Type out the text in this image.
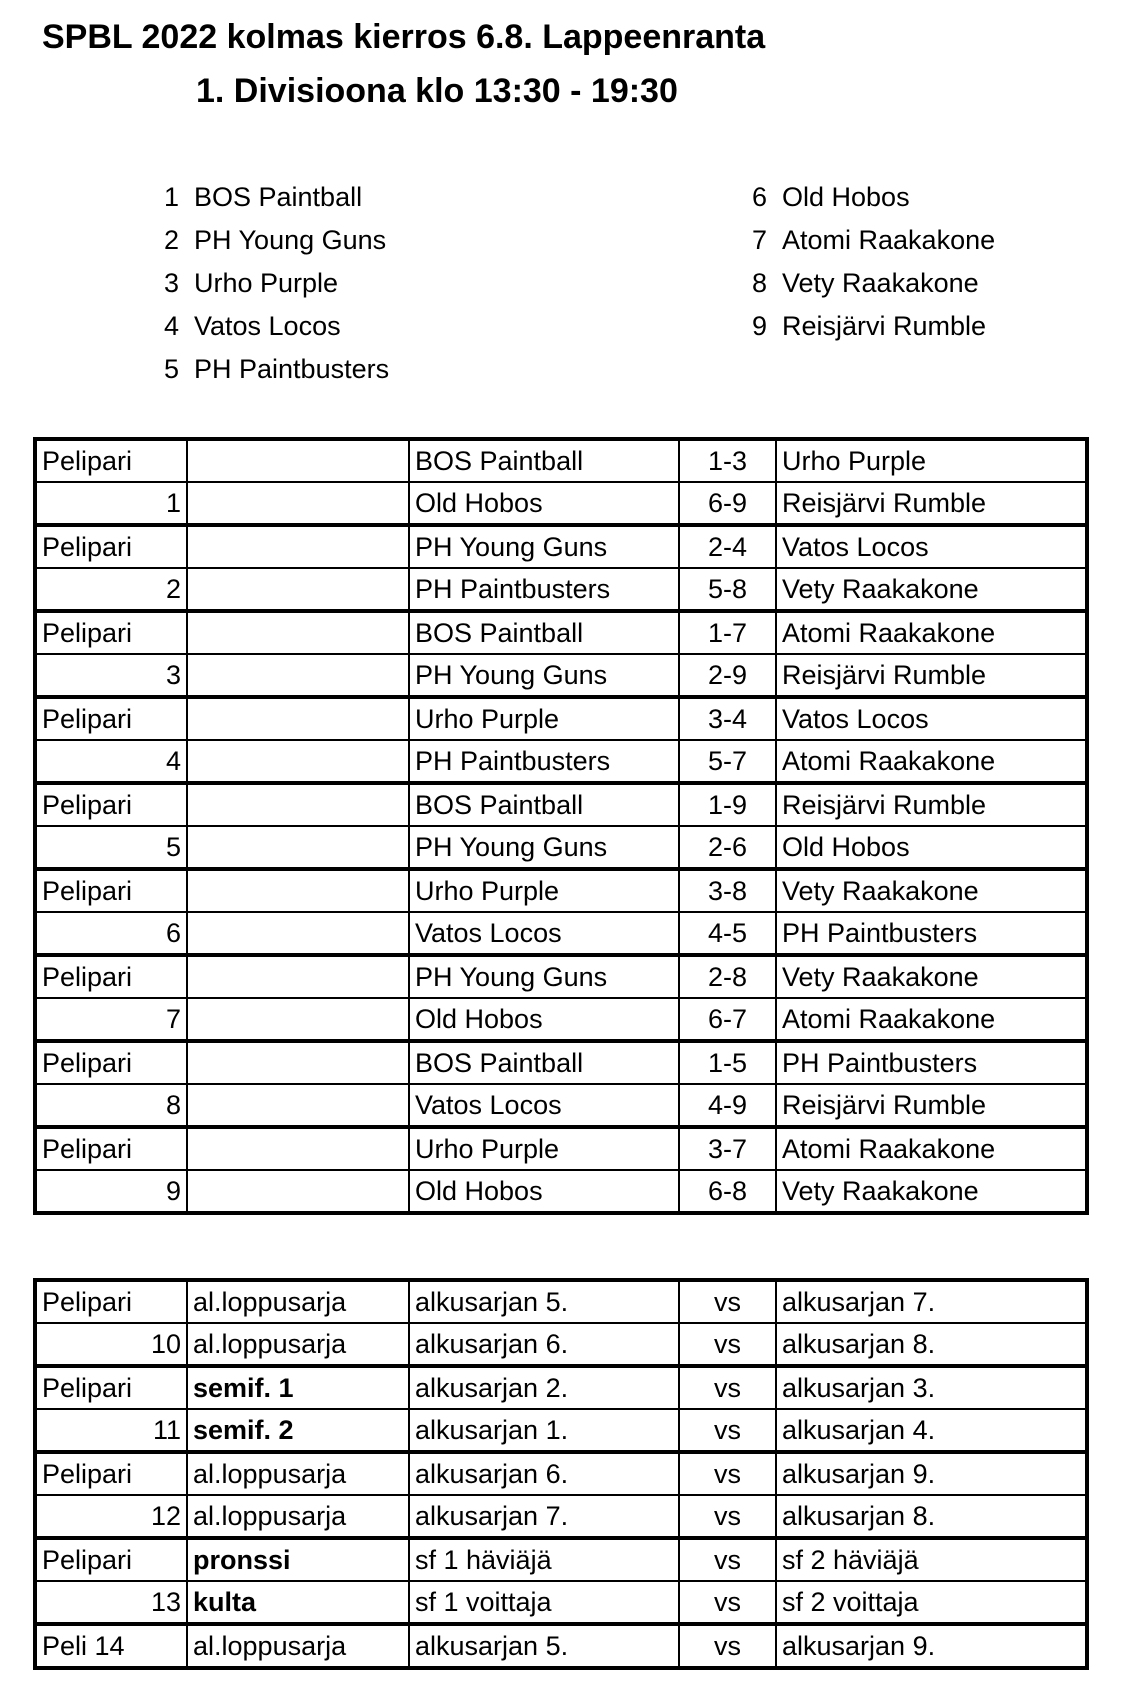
SPBL 2022 kolmas kierros 6.8. Lappeenranta
1. Divisioona klo 13:30 - 19:30
1 BOS Paintball
2 PH Young Guns
3 Urho Purple
4 Vatos Locos
5 PH Paintbusters
6 Old Hobos
7 Atomi Raakakone
8 Vety Raakakone
9 Reisjärvi Rumble
Pelipari		BOS Paintball	1-3	Urho Purple
1		Old Hobos	6-9	Reisjärvi Rumble
Pelipari		PH Young Guns	2-4	Vatos Locos
2		PH Paintbusters	5-8	Vety Raakakone
Pelipari		BOS Paintball	1-7	Atomi Raakakone
3		PH Young Guns	2-9	Reisjärvi Rumble
Pelipari		Urho Purple	3-4	Vatos Locos
4		PH Paintbusters	5-7	Atomi Raakakone
Pelipari		BOS Paintball	1-9	Reisjärvi Rumble
5		PH Young Guns	2-6	Old Hobos
Pelipari		Urho Purple	3-8	Vety Raakakone
6		Vatos Locos	4-5	PH Paintbusters
Pelipari		PH Young Guns	2-8	Vety Raakakone
7		Old Hobos	6-7	Atomi Raakakone
Pelipari		BOS Paintball	1-5	PH Paintbusters
8		Vatos Locos	4-9	Reisjärvi Rumble
Pelipari		Urho Purple	3-7	Atomi Raakakone
9		Old Hobos	6-8	Vety Raakakone
Pelipari	al.loppusarja	alkusarjan 5.	vs	alkusarjan 7.
10	al.loppusarja	alkusarjan 6.	vs	alkusarjan 8.
Pelipari	semif. 1	alkusarjan 2.	vs	alkusarjan 3.
11	semif. 2	alkusarjan 1.	vs	alkusarjan 4.
Pelipari	al.loppusarja	alkusarjan 6.	vs	alkusarjan 9.
12	al.loppusarja	alkusarjan 7.	vs	alkusarjan 8.
Pelipari	pronssi	sf 1 häviäjä	vs	sf 2 häviäjä
13	kulta	sf 1 voittaja	vs	sf 2 voittaja
Peli 14	al.loppusarja	alkusarjan 5.	vs	alkusarjan 9.
